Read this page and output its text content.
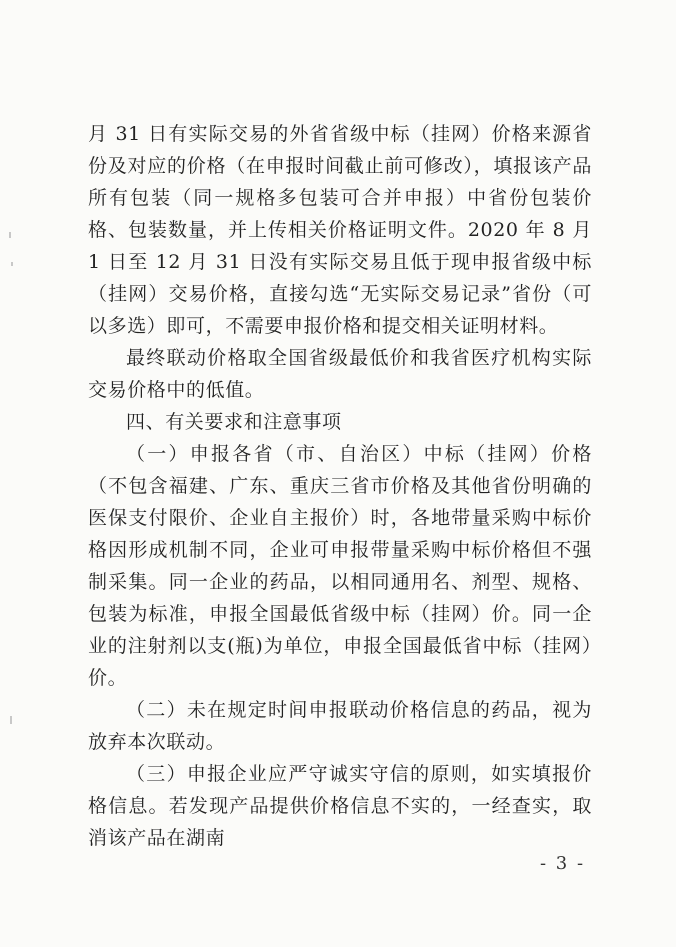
月 31 日有实际交易的外省省级中标（挂网）价格来源省份及对应的价格（在申报时间截止前可修改），填报该产品所有包装（同一规格多包装可合并申报）中省份包装价格、包装数量，并上传相关价格证明文件。2020 年 8 月 1 日至 12 月 31 日没有实际交易且低于现申报省级中标（挂网）交易价格，直接勾选“无实际交易记录”省份（可以多选）即可，不需要申报价格和提交相关证明材料。

最终联动价格取全国省级最低价和我省医疗机构实际交易价格中的低值。

四、有关要求和注意事项

（一）申报各省（市、自治区）中标（挂网）价格（不包含福建、广东、重庆三省市价格及其他省份明确的医保支付限价、企业自主报价）时，各地带量采购中标价格因形成机制不同，企业可申报带量采购中标价格但不强制采集。同一企业的药品，以相同通用名、剂型、规格、包装为标准，申报全国最低省级中标（挂网）价。同一企业的注射剂以支(瓶)为单位，申报全国最低省中标（挂网）价。

（二）未在规定时间申报联动价格信息的药品，视为放弃本次联动。

（三）申报企业应严守诚实守信的原则，如实填报价格信息。若发现产品提供价格信息不实的，一经查实，取消该产品在湖南

- 3 -
